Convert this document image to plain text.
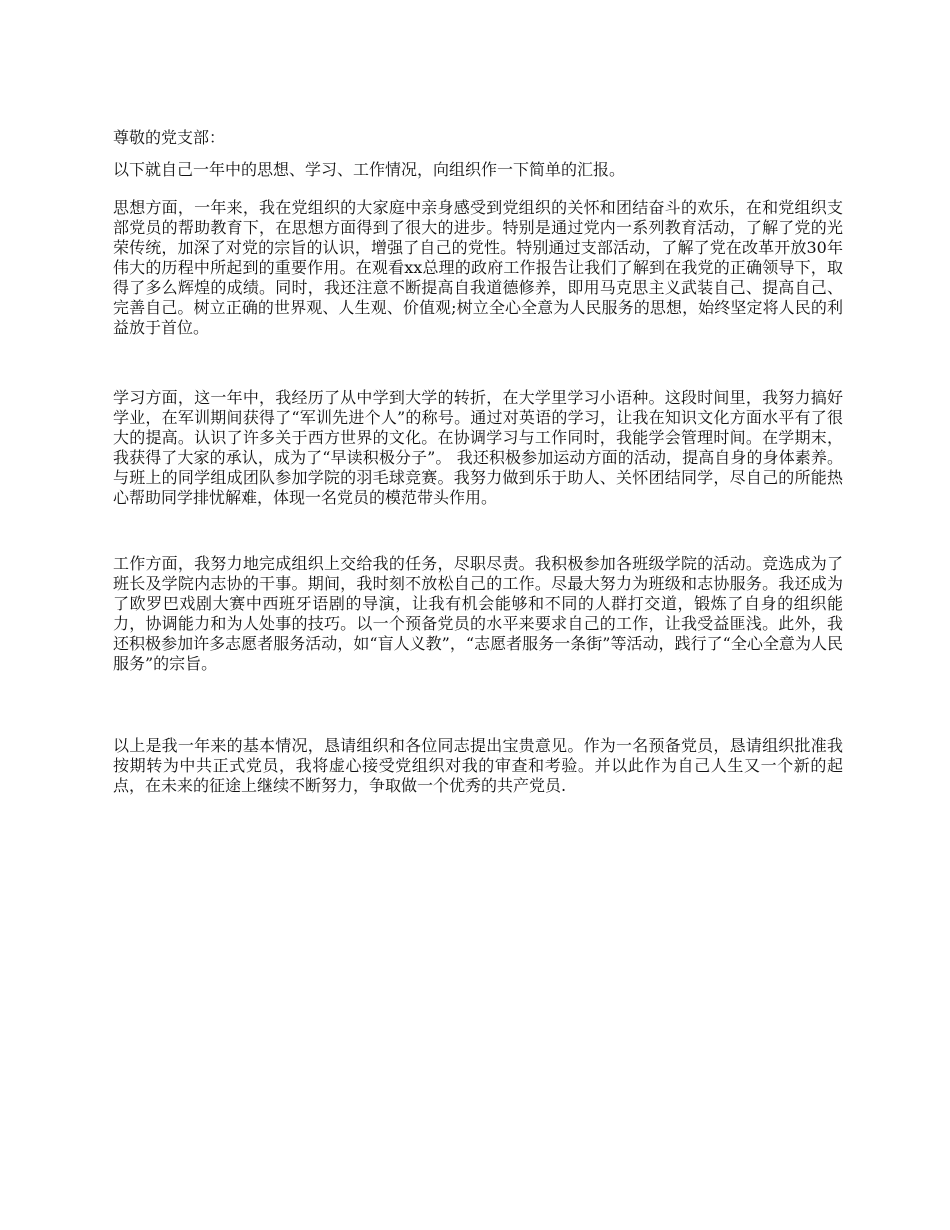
尊敬的党支部：

以下就自己一年中的思想、学习、工作情况，向组织作一下简单的汇报。

思想方面，一年来，我在党组织的大家庭中亲身感受到党组织的关怀和团结奋斗的欢乐，在和党组织支部党员的帮助教育下，在思想方面得到了很大的进步。特别是通过党内一系列教育活动，了解了党的光荣传统，加深了对党的宗旨的认识，增强了自己的党性。特别通过支部活动，了解了党在改革开放30年伟大的历程中所起到的重要作用。在观看xx总理的政府工作报告让我们了解到在我党的正确领导下，取得了多么辉煌的成绩。同时，我还注意不断提高自我道德修养，即用马克思主义武装自己、提高自己、完善自己。树立正确的世界观、人生观、价值观;树立全心全意为人民服务的思想，始终坚定将人民的利益放于首位。

学习方面，这一年中，我经历了从中学到大学的转折，在大学里学习小语种。这段时间里，我努力搞好学业，在军训期间获得了“军训先进个人”的称号。通过对英语的学习，让我在知识文化方面水平有了很大的提高。认识了许多关于西方世界的文化。在协调学习与工作同时，我能学会管理时间。在学期末，我获得了大家的承认，成为了“早读积极分子”。 我还积极参加运动方面的活动，提高自身的身体素养。与班上的同学组成团队参加学院的羽毛球竞赛。我努力做到乐于助人、关怀团结同学，尽自己的所能热心帮助同学排忧解难，体现一名党员的模范带头作用。

工作方面，我努力地完成组织上交给我的任务，尽职尽责。我积极参加各班级学院的活动。竞选成为了班长及学院内志协的干事。期间，我时刻不放松自己的工作。尽最大努力为班级和志协服务。我还成为了欧罗巴戏剧大赛中西班牙语剧的导演，让我有机会能够和不同的人群打交道，锻炼了自身的组织能力，协调能力和为人处事的技巧。以一个预备党员的水平来要求自己的工作，让我受益匪浅。此外，我还积极参加许多志愿者服务活动，如“盲人义教”，“志愿者服务一条街”等活动，践行了“全心全意为人民服务”的宗旨。

以上是我一年来的基本情况，恳请组织和各位同志提出宝贵意见。作为一名预备党员，恳请组织批准我按期转为中共正式党员，我将虚心接受党组织对我的审查和考验。并以此作为自己人生又一个新的起点，在未来的征途上继续不断努力，争取做一个优秀的共产党员.
